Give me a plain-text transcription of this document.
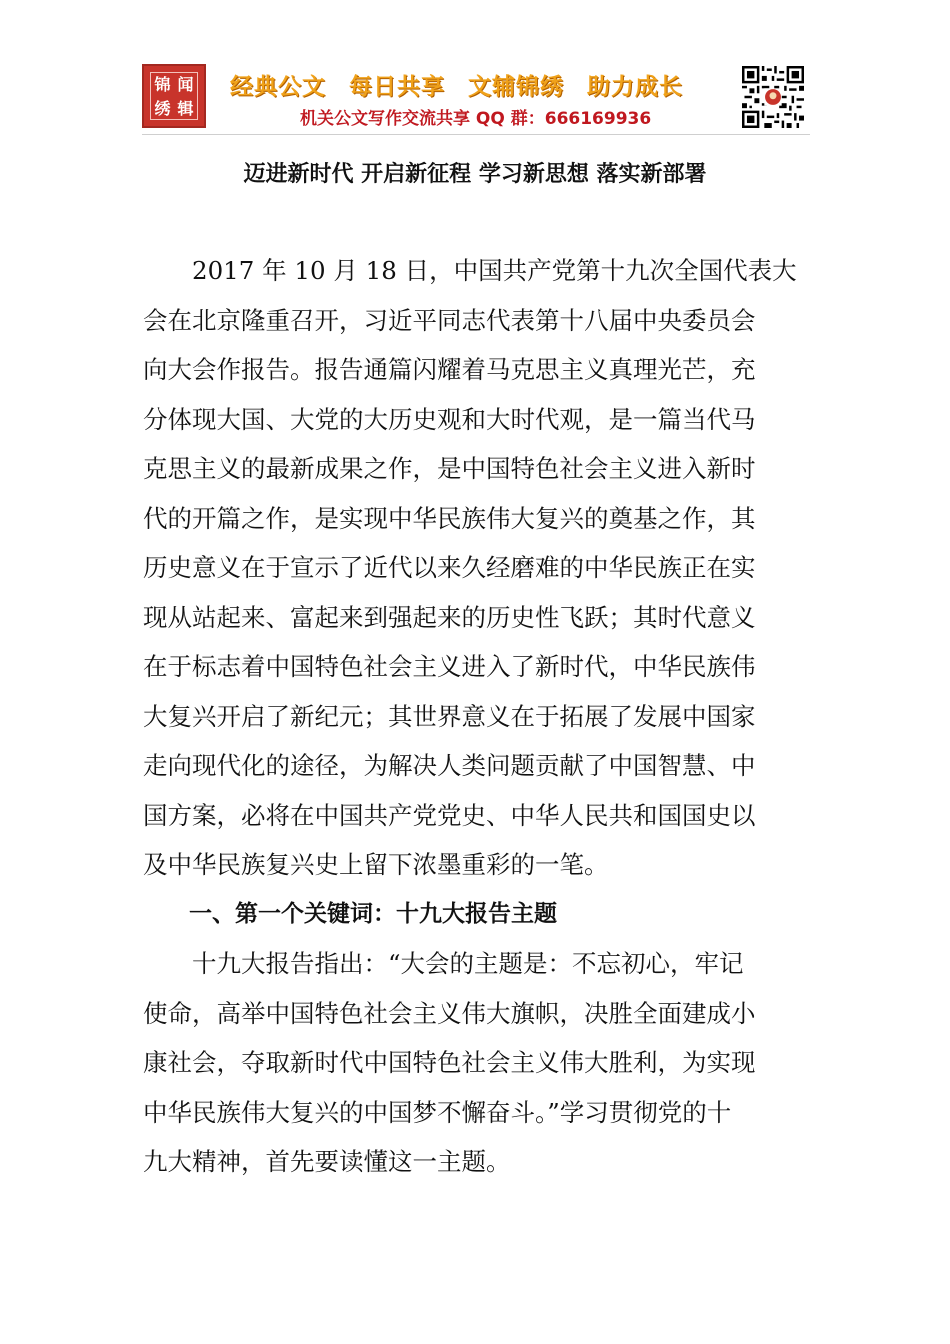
锦 闻
绣 辑
经典公文 每日共享 文辅锦绣 助力成长
机关公文写作交流共享 QQ 群：666169936
迈进新时代 开启新征程 学习新思想 落实新部署

2017 年 10 月 18 日，中国共产党第十九次全国代表大
会在北京隆重召开，习近平同志代表第十八届中央委员会
向大会作报告。报告通篇闪耀着马克思主义真理光芒，充
分体现大国、大党的大历史观和大时代观，是一篇当代马
克思主义的最新成果之作，是中国特色社会主义进入新时
代的开篇之作，是实现中华民族伟大复兴的奠基之作，其
历史意义在于宣示了近代以来久经磨难的中华民族正在实
现从站起来、富起来到强起来的历史性飞跃；其时代意义
在于标志着中国特色社会主义进入了新时代，中华民族伟
大复兴开启了新纪元；其世界意义在于拓展了发展中国家
走向现代化的途径，为解决人类问题贡献了中国智慧、中
国方案，必将在中国共产党党史、中华人民共和国国史以
及中华民族复兴史上留下浓墨重彩的一笔。

一、第一个关键词：十九大报告主题

十九大报告指出：“大会的主题是：不忘初心，牢记
使命，高举中国特色社会主义伟大旗帜，决胜全面建成小
康社会，夺取新时代中国特色社会主义伟大胜利，为实现
中华民族伟大复兴的中国梦不懈奋斗。”学习贯彻党的十
九大精神，首先要读懂这一主题。
